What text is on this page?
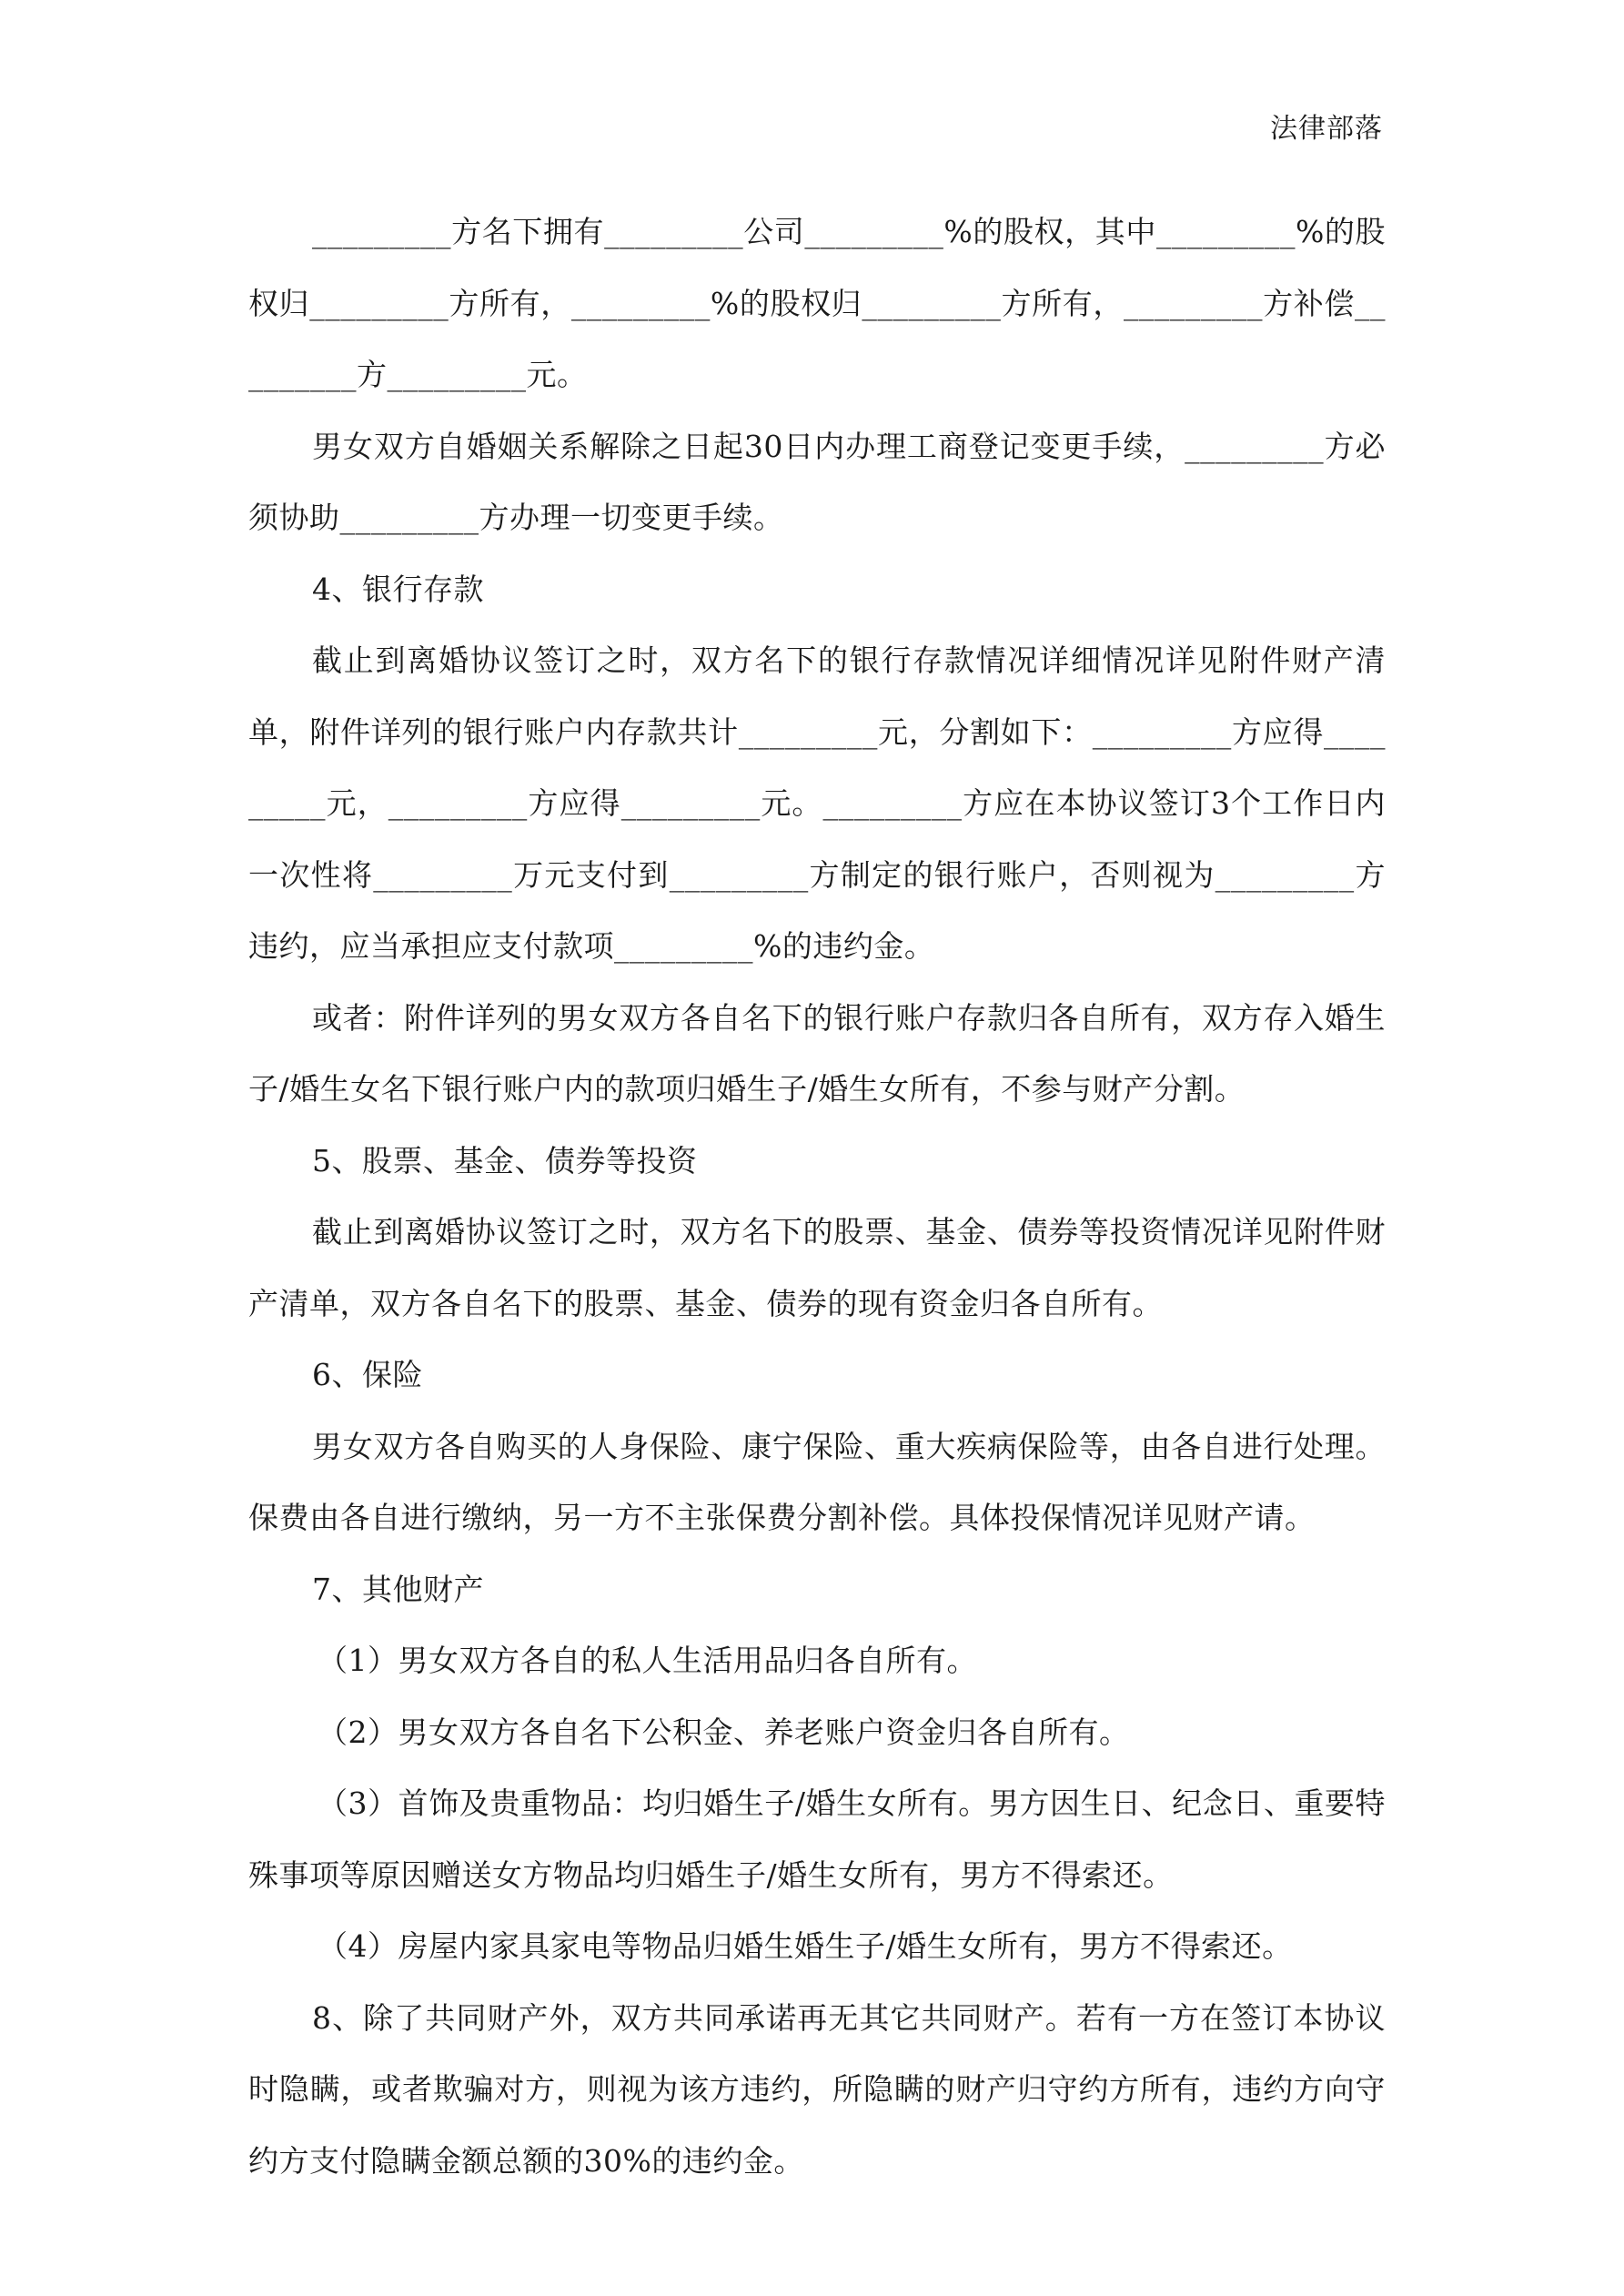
法律部落

_________方名下拥有_________公司_________%的股权，其中_________%的股权归_________方所有，_________%的股权归_________方所有，_________方补偿_________方_________元。

男女双方自婚姻关系解除之日起30日内办理工商登记变更手续，_________方必须协助_________方办理一切变更手续。

4、银行存款

截止到离婚协议签订之时，双方名下的银行存款情况详细情况详见附件财产清单，附件详列的银行账户内存款共计_________元，分割如下：_________方应得_________元，_________方应得_________元。_________方应在本协议签订3个工作日内一次性将_________万元支付到_________方制定的银行账户，否则视为_________方违约，应当承担应支付款项_________%的违约金。

或者：附件详列的男女双方各自名下的银行账户存款归各自所有，双方存入婚生子/婚生女名下银行账户内的款项归婚生子/婚生女所有，不参与财产分割。

5、股票、基金、债券等投资

截止到离婚协议签订之时，双方名下的股票、基金、债券等投资情况详见附件财产清单，双方各自名下的股票、基金、债券的现有资金归各自所有。

6、保险

男女双方各自购买的人身保险、康宁保险、重大疾病保险等，由各自进行处理。保费由各自进行缴纳，另一方不主张保费分割补偿。具体投保情况详见财产请。

7、其他财产

（1）男女双方各自的私人生活用品归各自所有。

（2）男女双方各自名下公积金、养老账户资金归各自所有。

（3）首饰及贵重物品：均归婚生子/婚生女所有。男方因生日、纪念日、重要特殊事项等原因赠送女方物品均归婚生子/婚生女所有，男方不得索还。

（4）房屋内家具家电等物品归婚生婚生子/婚生女所有，男方不得索还。

8、除了共同财产外，双方共同承诺再无其它共同财产。若有一方在签订本协议时隐瞒，或者欺骗对方，则视为该方违约，所隐瞒的财产归守约方所有，违约方向守约方支付隐瞒金额总额的30%的违约金。
